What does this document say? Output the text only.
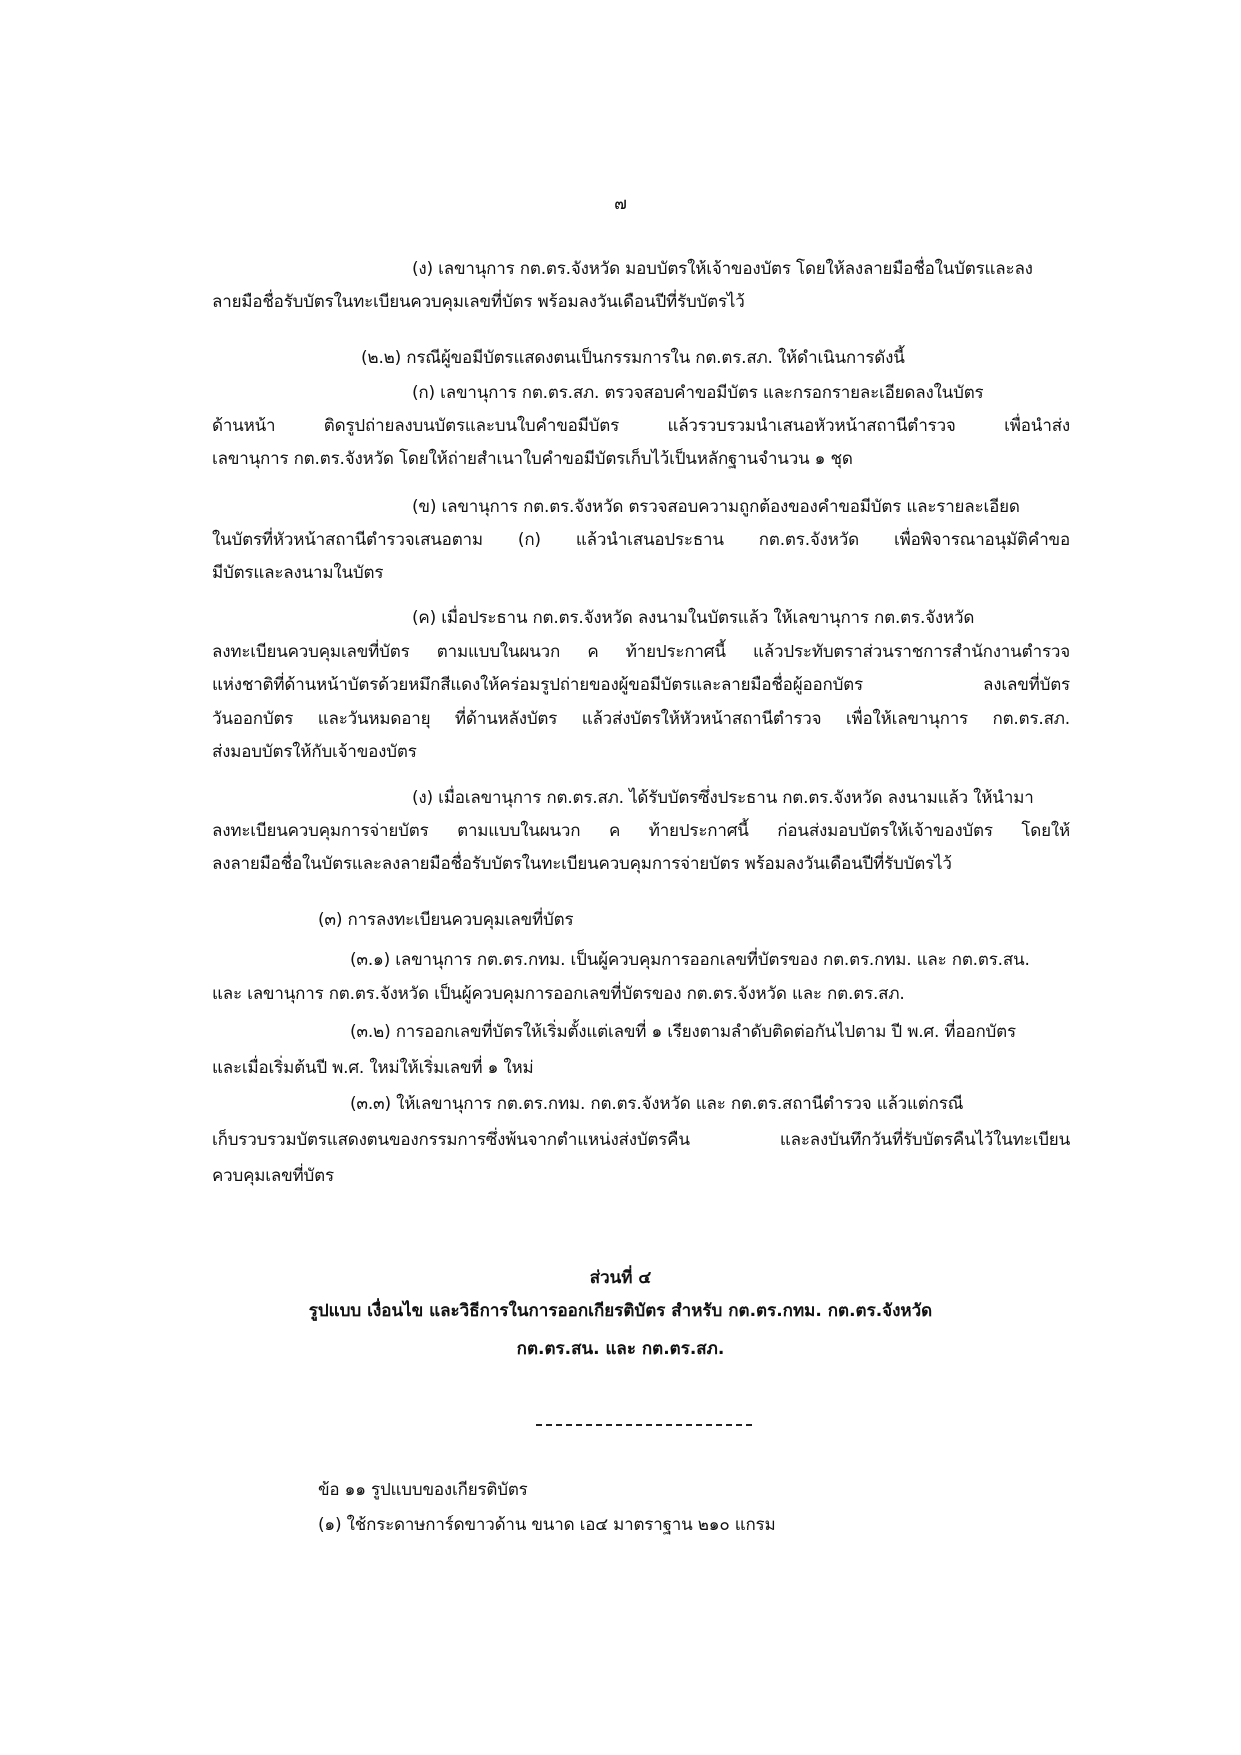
๗
(ง) เลขานุการ กต.ตร.จังหวัด มอบบัตรให้เจ้าของบัตร โดยให้ลงลายมือชื่อในบัตรและลง
ลายมือชื่อรับบัตรในทะเบียนควบคุมเลขที่บัตร พร้อมลงวันเดือนปีที่รับบัตรไว้
(๒.๒) กรณีผู้ขอมีบัตรแสดงตนเป็นกรรมการใน กต.ตร.สภ. ให้ดำเนินการดังนี้
(ก) เลขานุการ กต.ตร.สภ. ตรวจสอบคำขอมีบัตร และกรอกรายละเอียดลงในบัตร
ด้านหน้า ติดรูปถ่ายลงบนบัตรและบนใบคำขอมีบัตร แล้วรวบรวมนำเสนอหัวหน้าสถานีตำรวจ เพื่อนำส่ง
เลขานุการ กต.ตร.จังหวัด โดยให้ถ่ายสำเนาใบคำขอมีบัตรเก็บไว้เป็นหลักฐานจำนวน ๑ ชุด
(ข) เลขานุการ กต.ตร.จังหวัด ตรวจสอบความถูกต้องของคำขอมีบัตร และรายละเอียด
ในบัตรที่หัวหน้าสถานีตำรวจเสนอตาม (ก) แล้วนำเสนอประธาน กต.ตร.จังหวัด เพื่อพิจารณาอนุมัติคำขอ
มีบัตรและลงนามในบัตร
(ค) เมื่อประธาน กต.ตร.จังหวัด ลงนามในบัตรแล้ว ให้เลขานุการ กต.ตร.จังหวัด
ลงทะเบียนควบคุมเลขที่บัตร ตามแบบในผนวก ค ท้ายประกาศนี้ แล้วประทับตราส่วนราชการสำนักงานตำรวจ
แห่งชาติที่ด้านหน้าบัตรด้วยหมึกสีแดงให้คร่อมรูปถ่ายของผู้ขอมีบัตรและลายมือชื่อผู้ออกบัตร ลงเลขที่บัตร
วันออกบัตร และวันหมดอายุ ที่ด้านหลังบัตร แล้วส่งบัตรให้หัวหน้าสถานีตำรวจ เพื่อให้เลขานุการ กต.ตร.สภ.
ส่งมอบบัตรให้กับเจ้าของบัตร
(ง) เมื่อเลขานุการ กต.ตร.สภ. ได้รับบัตรซึ่งประธาน กต.ตร.จังหวัด ลงนามแล้ว ให้นำมา
ลงทะเบียนควบคุมการจ่ายบัตร ตามแบบในผนวก ค ท้ายประกาศนี้ ก่อนส่งมอบบัตรให้เจ้าของบัตร โดยให้
ลงลายมือชื่อในบัตรและลงลายมือชื่อรับบัตรในทะเบียนควบคุมการจ่ายบัตร พร้อมลงวันเดือนปีที่รับบัตรไว้
(๓) การลงทะเบียนควบคุมเลขที่บัตร
(๓.๑) เลขานุการ กต.ตร.กทม. เป็นผู้ควบคุมการออกเลขที่บัตรของ กต.ตร.กทม. และ กต.ตร.สน.
และ เลขานุการ กต.ตร.จังหวัด เป็นผู้ควบคุมการออกเลขที่บัตรของ กต.ตร.จังหวัด และ กต.ตร.สภ.
(๓.๒) การออกเลขที่บัตรให้เริ่มตั้งแต่เลขที่ ๑ เรียงตามลำดับติดต่อกันไปตาม ปี พ.ศ. ที่ออกบัตร
และเมื่อเริ่มต้นปี พ.ศ. ใหม่ให้เริ่มเลขที่ ๑ ใหม่
(๓.๓) ให้เลขานุการ กต.ตร.กทม. กต.ตร.จังหวัด และ กต.ตร.สถานีตำรวจ แล้วแต่กรณี
เก็บรวบรวมบัตรแสดงตนของกรรมการซึ่งพ้นจากตำแหน่งส่งบัตรคืน และลงบันทึกวันที่รับบัตรคืนไว้ในทะเบียน
ควบคุมเลขที่บัตร
ส่วนที่ ๔
รูปแบบ เงื่อนไข และวิธีการในการออกเกียรติบัตร สำหรับ กต.ตร.กทม. กต.ตร.จังหวัด
กต.ตร.สน. และ กต.ตร.สภ.
ข้อ ๑๑ รูปแบบของเกียรติบัตร
(๑) ใช้กระดาษการ์ดขาวด้าน ขนาด เอ๔ มาตราฐาน ๒๑๐ แกรม
